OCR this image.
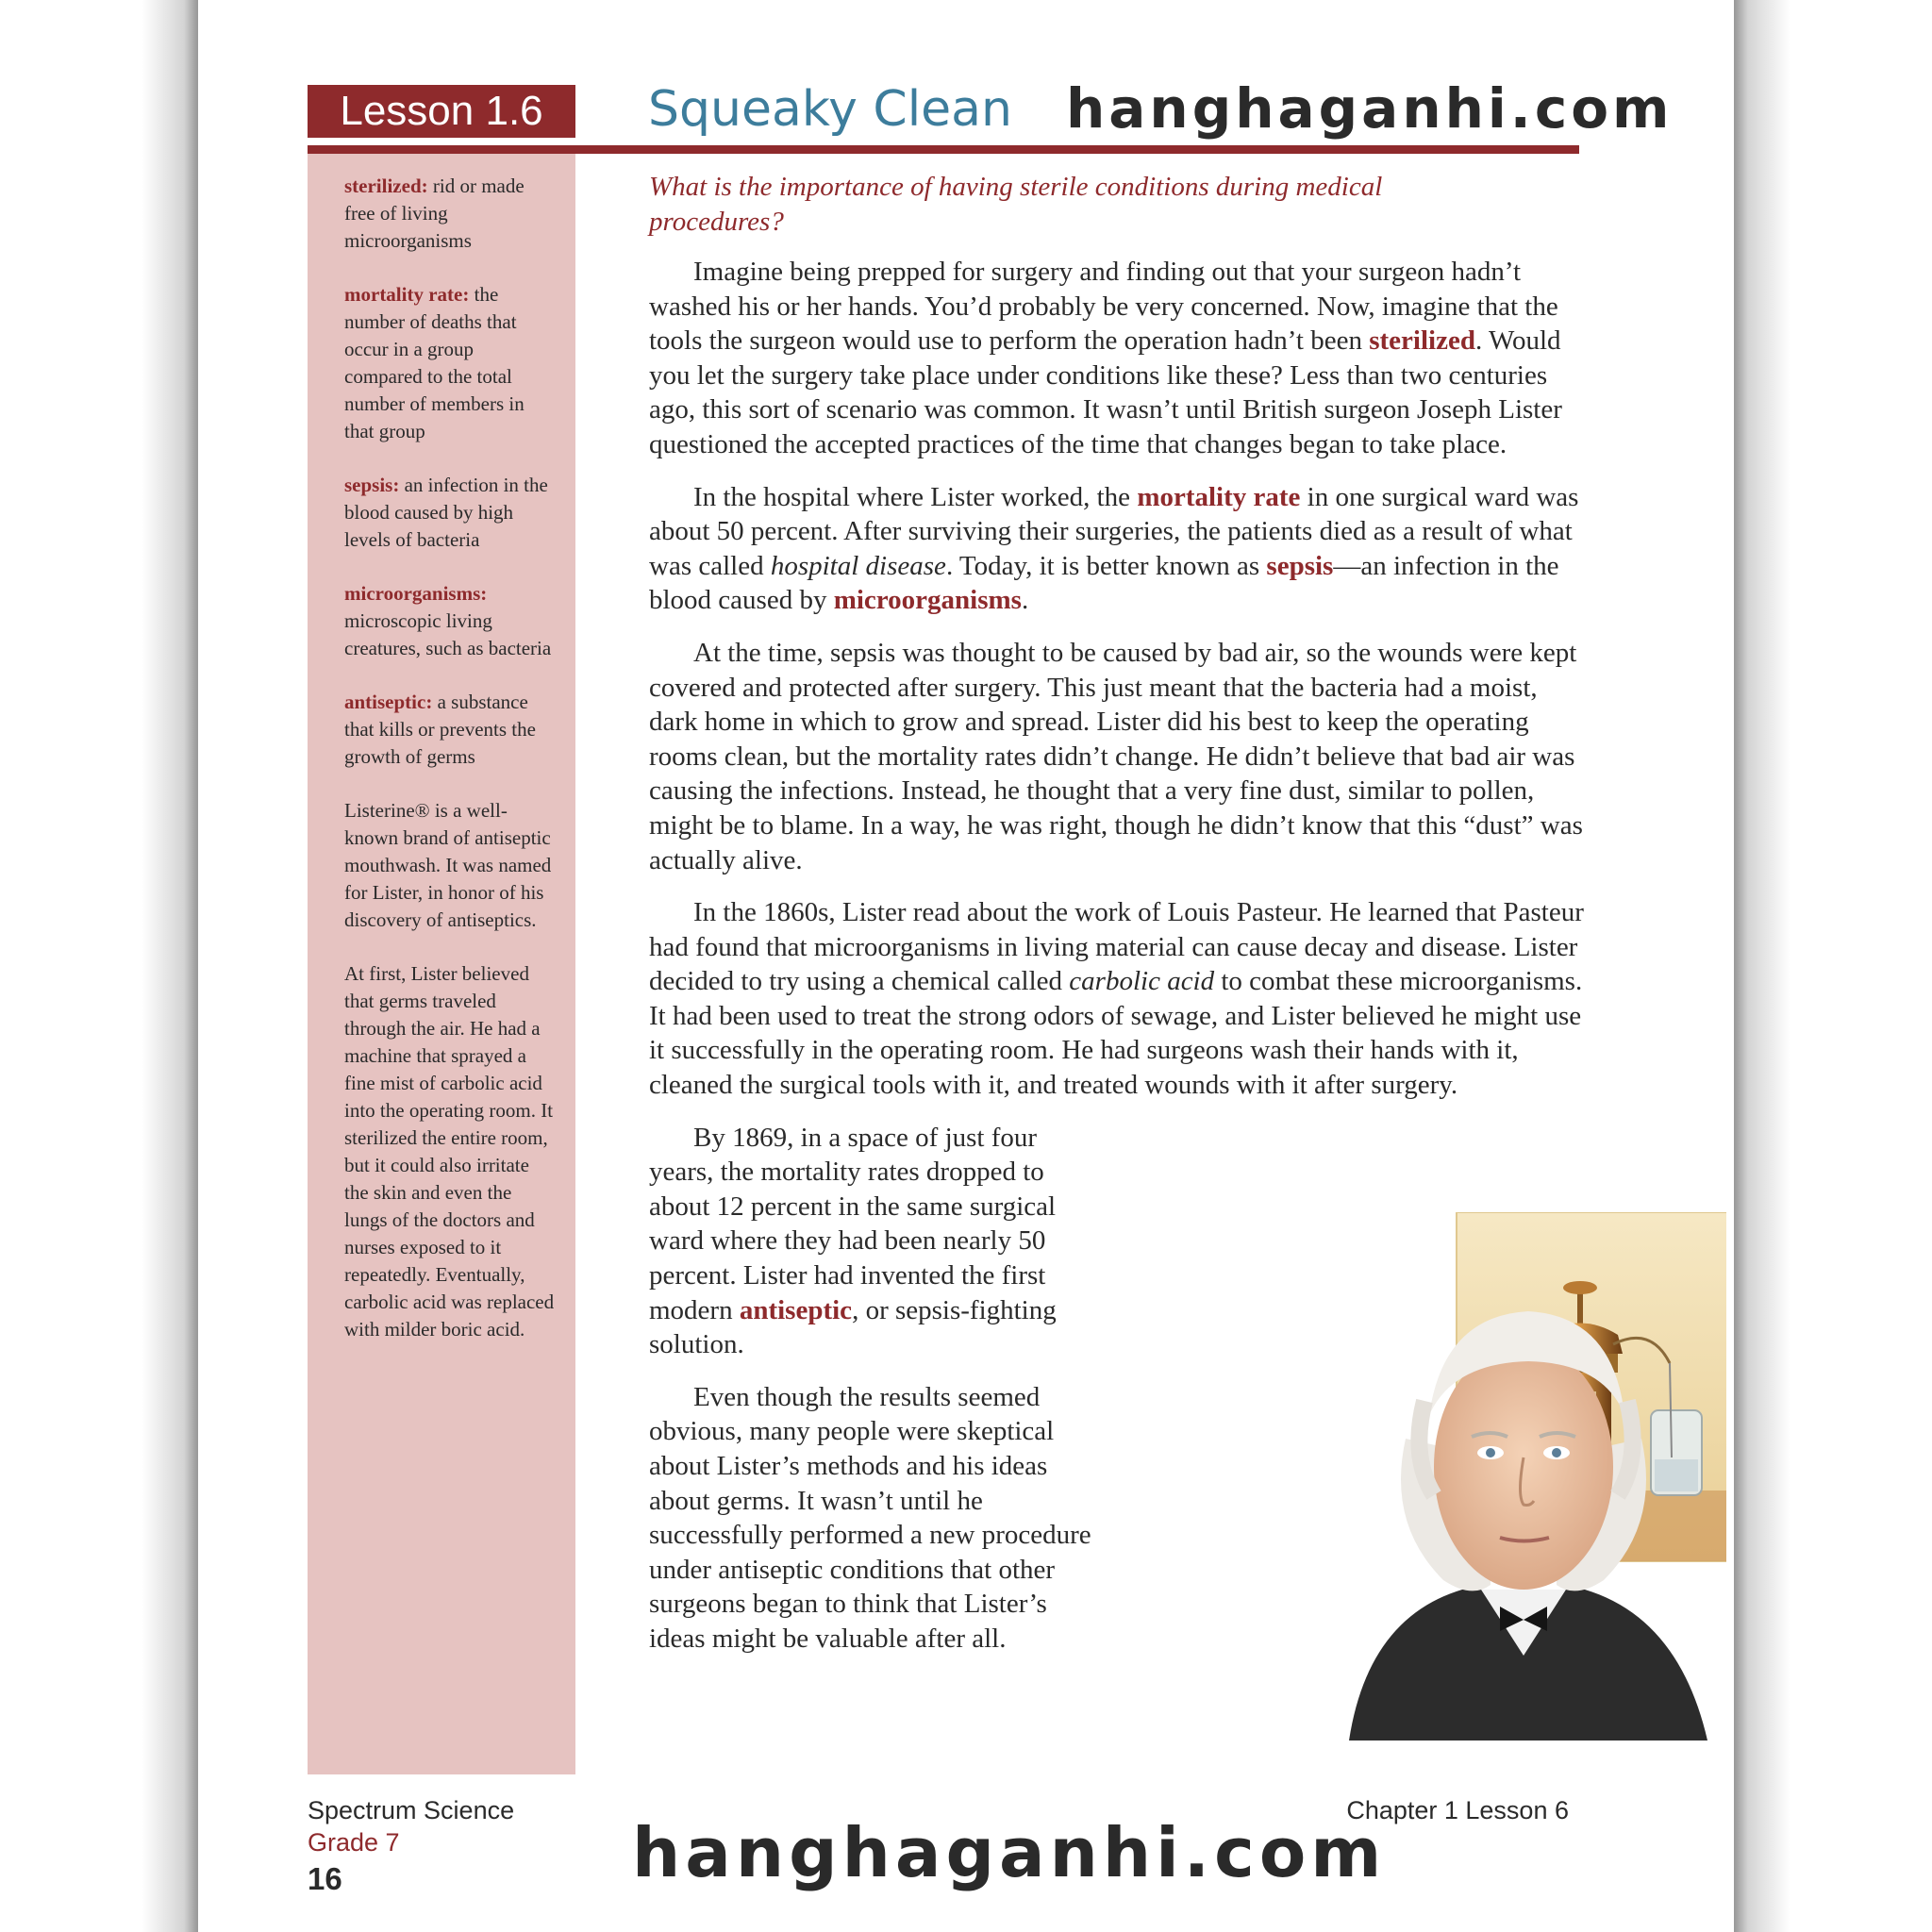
Lesson 1.6	Squeaky Clean hanghaganhi.com
sterilized: rid or made free of living microorganisms
mortality rate: the number of deaths that occur in a group compared to the total number of members in that group
sepsis: an infection in the blood caused by high levels of bacteria
microorganisms: microscopic living creatures, such as bacteria
antiseptic: a substance that kills or prevents the growth of germs
Listerine® is a well-known brand of antiseptic mouthwash. It was named for Lister, in honor of his discovery of antiseptics.
At first, Lister believed that germs traveled through the air. He had a machine that sprayed a fine mist of carbolic acid into the operating room. It sterilized the entire room, but it could also irritate the skin and even the lungs of the doctors and nurses exposed to it repeatedly. Eventually, carbolic acid was replaced with milder boric acid.
What is the importance of having sterile conditions during medical procedures?

Imagine being prepped for surgery and finding out that your surgeon hadn’t washed his or her hands. You’d probably be very concerned. Now, imagine that the tools the surgeon would use to perform the operation hadn’t been sterilized. Would you let the surgery take place under conditions like these? Less than two centuries ago, this sort of scenario was common. It wasn’t until British surgeon Joseph Lister questioned the accepted practices of the time that changes began to take place.

In the hospital where Lister worked, the mortality rate in one surgical ward was about 50 percent. After surviving their surgeries, the patients died as a result of what was called hospital disease. Today, it is better known as sepsis—an infection in the blood caused by microorganisms.

At the time, sepsis was thought to be caused by bad air, so the wounds were kept covered and protected after surgery. This just meant that the bacteria had a moist, dark home in which to grow and spread. Lister did his best to keep the operating rooms clean, but the mortality rates didn’t change. He didn’t believe that bad air was causing the infections. Instead, he thought that a very fine dust, similar to pollen, might be to blame. In a way, he was right, though he didn’t know that this “dust” was actually alive.

In the 1860s, Lister read about the work of Louis Pasteur. He learned that Pasteur had found that microorganisms in living material can cause decay and disease. Lister decided to try using a chemical called carbolic acid to combat these microorganisms. It had been used to treat the strong odors of sewage, and Lister believed he might use it successfully in the operating room. He had surgeons wash their hands with it, cleaned the surgical tools with it, and treated wounds with it after surgery.

By 1869, in a space of just four years, the mortality rates dropped to about 12 percent in the same surgical ward where they had been nearly 50 percent. Lister had invented the first modern antiseptic, or sepsis-fighting solution.

Even though the results seemed obvious, many people were skeptical about Lister’s methods and his ideas about germs. It wasn’t until he successfully performed a new procedure under antiseptic conditions that other surgeons began to think that Lister’s ideas might be valuable after all.

Spectrum Science
Grade 7
16
Chapter 1 Lesson 6
hanghaganhi.com
